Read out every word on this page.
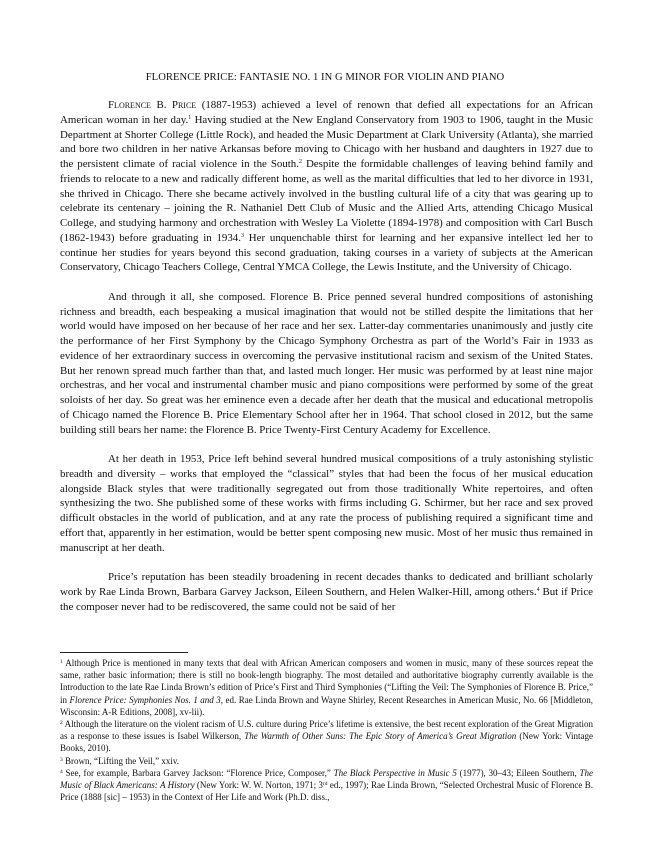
FLORENCE PRICE: FANTASIE NO. 1 IN G MINOR FOR VIOLIN AND PIANO

Florence B. Price (1887-1953) achieved a level of renown that defied all expectations for an African American woman in her day.$^1$ Having studied at the New England Conservatory from 1903 to 1906, taught in the Music Department at Shorter College (Little Rock), and headed the Music Department at Clark University (Atlanta), she married and bore two children in her native Arkansas before moving to Chicago with her husband and daughters in 1927 due to the persistent climate of racial violence in the South.$^2$ Despite the formidable challenges of leaving behind family and friends to relocate to a new and radically different home, as well as the marital difficulties that led to her divorce in 1931, she thrived in Chicago. There she became actively involved in the bustling cultural life of a city that was gearing up to celebrate its centenary – joining the R. Nathaniel Dett Club of Music and the Allied Arts, attending Chicago Musical College, and studying harmony and orchestration with Wesley La Violette (1894-1978) and composition with Carl Busch (1862-1943) before graduating in 1934.$^3$ Her unquenchable thirst for learning and her expansive intellect led her to continue her studies for years beyond this second graduation, taking courses in a variety of subjects at the American Conservatory, Chicago Teachers College, Central YMCA College, the Lewis Institute, and the University of Chicago.

And through it all, she composed. Florence B. Price penned several hundred compositions of astonishing richness and breadth, each bespeaking a musical imagination that would not be stilled despite the limitations that her world would have imposed on her because of her race and her sex. Latter-day commentaries unanimously and justly cite the performance of her First Symphony by the Chicago Symphony Orchestra as part of the World’s Fair in 1933 as evidence of her extraordinary success in overcoming the pervasive institutional racism and sexism of the United States. But her renown spread much farther than that, and lasted much longer. Her music was performed by at least nine major orchestras, and her vocal and instrumental chamber music and piano compositions were performed by some of the great soloists of her day. So great was her eminence even a decade after her death that the musical and educational metropolis of Chicago named the Florence B. Price Elementary School after her in 1964. That school closed in 2012, but the same building still bears her name: the Florence B. Price Twenty-First Century Academy for Excellence.

At her death in 1953, Price left behind several hundred musical compositions of a truly astonishing stylistic breadth and diversity – works that employed the “classical” styles that had been the focus of her musical education alongside Black styles that were traditionally segregated out from those traditionally White repertoires, and often synthesizing the two. She published some of these works with firms including G. Schirmer, but her race and sex proved difficult obstacles in the world of publication, and at any rate the process of publishing required a significant time and effort that, apparently in her estimation, would be better spent composing new music. Most of her music thus remained in manuscript at her death.

Price’s reputation has been steadily broadening in recent decades thanks to dedicated and brilliant scholarly work by Rae Linda Brown, Barbara Garvey Jackson, Eileen Southern, and Helen Walker-Hill, among others.$^4$ But if Price the composer never had to be rediscovered, the same could not be said of her

$^1$ Although Price is mentioned in many texts that deal with African American composers and women in music, many of these sources repeat the same, rather basic information; there is still no book-length biography. The most detailed and authoritative biography currently available is the Introduction to the late Rae Linda Brown’s edition of Price’s First and Third Symphonies (“Lifting the Veil: The Symphonies of Florence B. Price,” in Florence Price: Symphonies Nos. 1 and 3, ed. Rae Linda Brown and Wayne Shirley, Recent Researches in American Music, No. 66 [Middleton, Wisconsin: A-R Editions, 2008], xv-lii).

$^2$ Although the literature on the violent racism of U.S. culture during Price’s lifetime is extensive, the best recent exploration of the Great Migration as a response to these issues is Isabel Wilkerson, The Warmth of Other Suns: The Epic Story of America’s Great Migration (New York: Vintage Books, 2010).

$^3$ Brown, “Lifting the Veil,” xxiv.

$^4$ See, for example, Barbara Garvey Jackson: “Florence Price, Composer,” The Black Perspective in Music 5 (1977), 30–43; Eileen Southern, The Music of Black Americans: A History (New York: W. W. Norton, 1971; 3rd ed., 1997); Rae Linda Brown, “Selected Orchestral Music of Florence B. Price (1888 [sic] – 1953) in the Context of Her Life and Work (Ph.D. diss.,
